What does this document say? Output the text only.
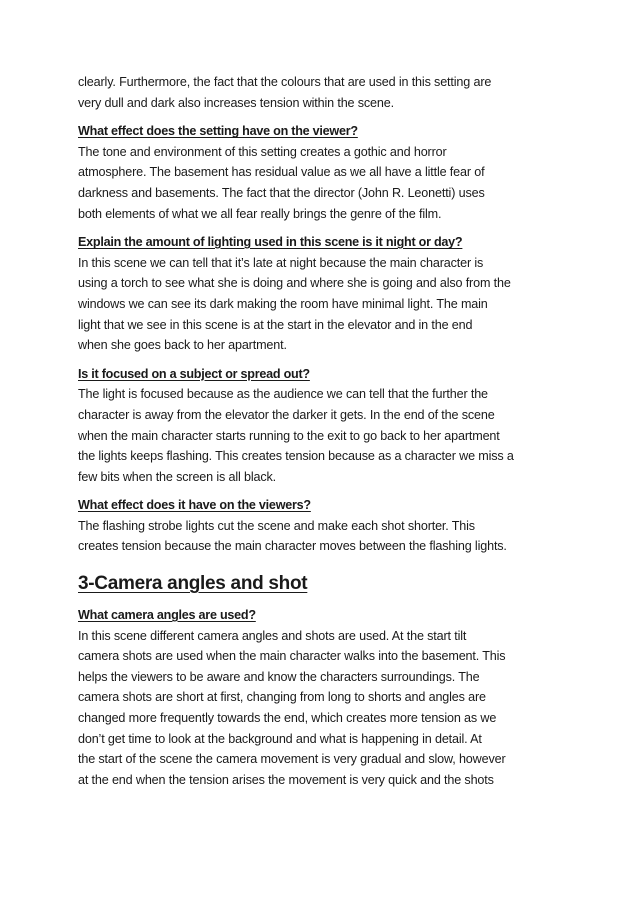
clearly. Furthermore, the fact that the colours that are used in this setting are
very dull and dark also increases tension within the scene.
What effect does the setting have on the viewer?
The tone and environment of this setting creates a gothic and horror
atmosphere. The basement has residual value as we all have a little fear of
darkness and basements. The fact that the director (John R. Leonetti) uses
both elements of what we all fear really brings the genre of the film.
Explain the amount of lighting used in this scene is it night or day?
In this scene we can tell that it’s late at night because the main character is
using a torch to see what she is doing and where she is going and also from the
windows we can see its dark making the room have minimal light. The main
light that we see in this scene is at the start in the elevator and in the end
when she goes back to her apartment.
Is it focused on a subject or spread out?
The light is focused because as the audience we can tell that the further the
character is away from the elevator the darker it gets. In the end of the scene
when the main character starts running to the exit to go back to her apartment
the lights keeps flashing. This creates tension because as a character we miss a
few bits when the screen is all black.
What effect does it have on the viewers?
The flashing strobe lights cut the scene and make each shot shorter. This
creates tension because the main character moves between the flashing lights.
3-Camera angles and shot
What camera angles are used?
In this scene different camera angles and shots are used. At the start tilt
camera shots are used when the main character walks into the basement. This
helps the viewers to be aware and know the characters surroundings. The
camera shots are short at first, changing from long to shorts and angles are
changed more frequently towards the end, which creates more tension as we
don’t get time to look at the background and what is happening in detail. At
the start of the scene the camera movement is very gradual and slow, however
at the end when the tension arises the movement is very quick and the shots
